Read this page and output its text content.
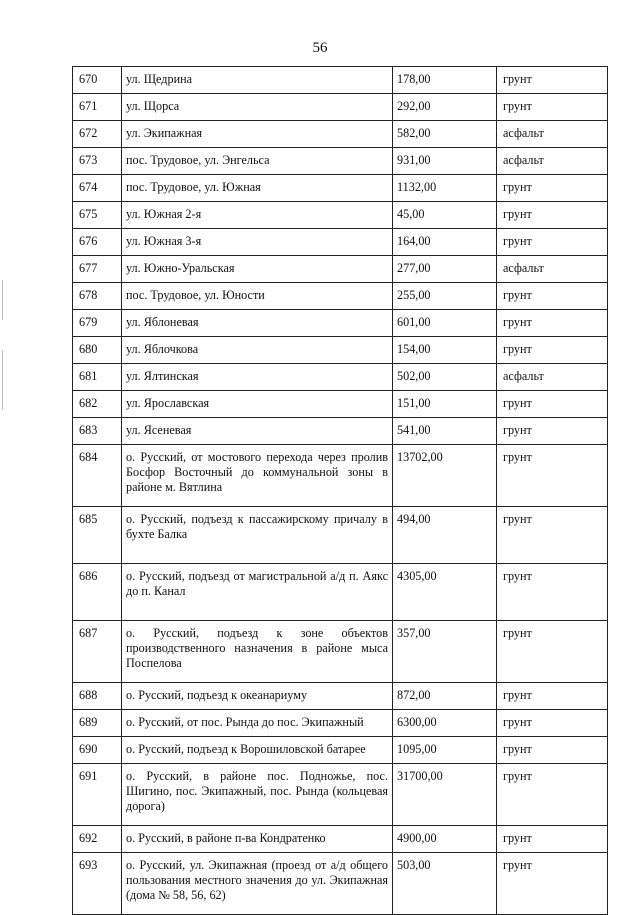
56
670	ул. Щедрина	178,00	грунт
671	ул. Щорса	292,00	грунт
672	ул. Экипажная	582,00	асфальт
673	пос. Трудовое, ул. Энгельса	931,00	асфальт
674	пос. Трудовое, ул. Южная	1132,00	грунт
675	ул. Южная 2-я	45,00	грунт
676	ул. Южная 3-я	164,00	грунт
677	ул. Южно-Уральская	277,00	асфальт
678	пос. Трудовое, ул. Юности	255,00	грунт
679	ул. Яблоневая	601,00	грунт
680	ул. Яблочкова	154,00	грунт
681	ул. Ялтинская	502,00	асфальт
682	ул. Ярославская	151,00	грунт
683	ул. Ясеневая	541,00	грунт
684	о. Русский, от мостового перехода через пролив Босфор Восточный до коммунальной зоны в районе м. Вятлина	13702,00	грунт
685	о. Русский, подъезд к пассажирскому причалу в бухте Балка	494,00	грунт
686	о. Русский, подъезд от магистральной а/д п. Аякс до п. Канал	4305,00	грунт
687	о. Русский, подъезд к зоне объектов производственного назначения в районе мыса Поспелова	357,00	грунт
688	о. Русский, подъезд к океанариуму	872,00	грунт
689	о. Русский, от пос. Рында до пос. Экипажный	6300,00	грунт
690	о. Русский, подъезд к Ворошиловской батарее	1095,00	грунт
691	о. Русский, в районе пос. Подножье, пос. Шигино, пос. Экипажный, пос. Рында (кольцевая дорога)	31700,00	грунт
692	о. Русский, в районе п-ва Кондратенко	4900,00	грунт
693	о. Русский, ул. Экипажная (проезд от а/д общего пользования местного значения до ул. Экипажная (дома № 58, 56, 62)	503,00	грунт
